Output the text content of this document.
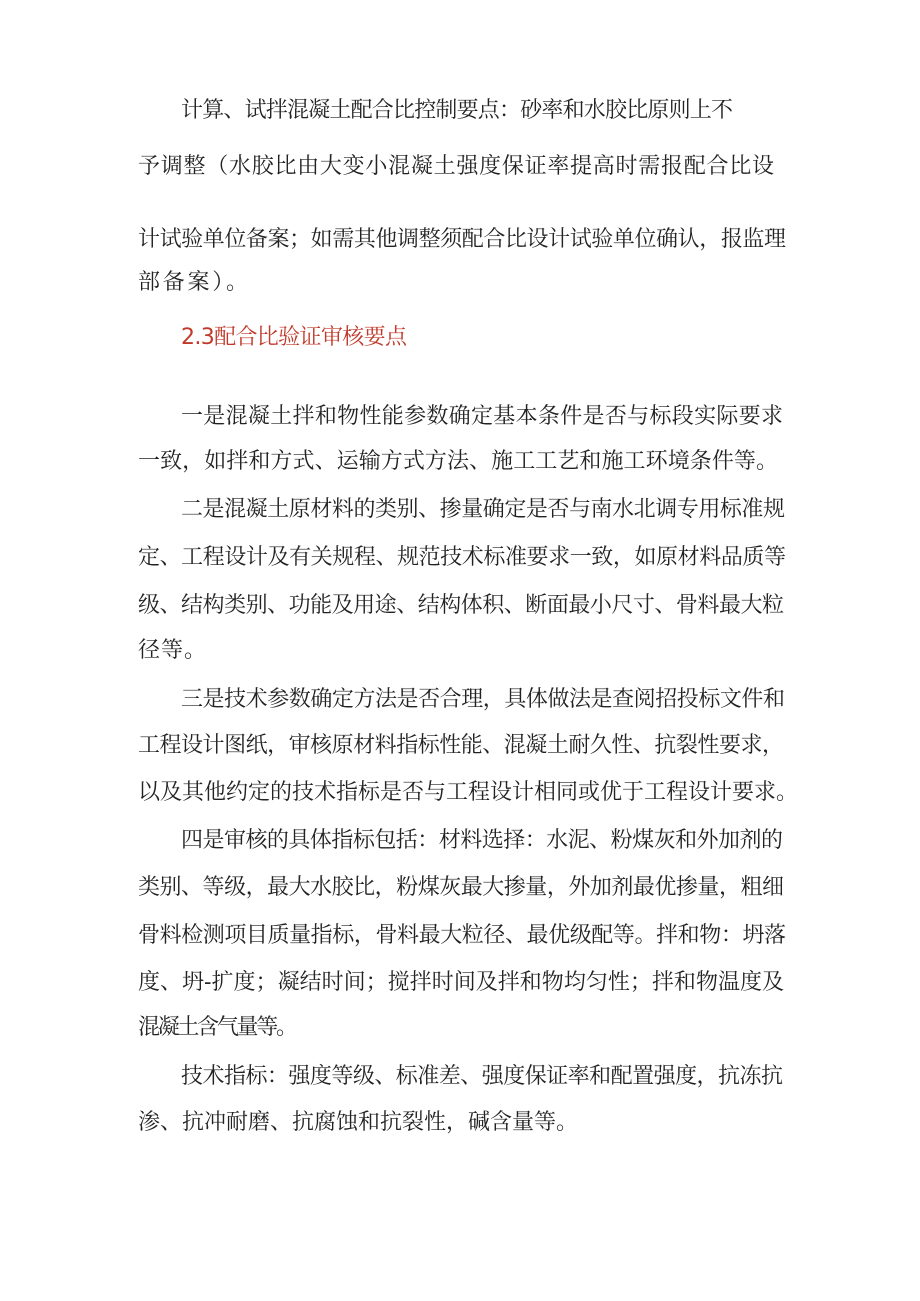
计算、试拌混凝土配合比控制要点：砂率和水胶比原则上不

予调整（水胶比由大变小混凝土强度保证率提高时需报配合比设

计试验单位备案；如需其他调整须配合比设计试验单位确认，报监理

部备案）。

2.3配合比验证审核要点

一是混凝土拌和物性能参数确定基本条件是否与标段实际要求

一致，如拌和方式、运输方式方法、施工工艺和施工环境条件等。

二是混凝土原材料的类别、掺量确定是否与南水北调专用标准规

定、工程设计及有关规程、规范技术标准要求一致，如原材料品质等

级、结构类别、功能及用途、结构体积、断面最小尺寸、骨料最大粒

径等。

三是技术参数确定方法是否合理，具体做法是查阅招投标文件和

工程设计图纸，审核原材料指标性能、混凝土耐久性、抗裂性要求，

以及其他约定的技术指标是否与工程设计相同或优于工程设计要求。

四是审核的具体指标包括：材料选择：水泥、粉煤灰和外加剂的

类别、等级，最大水胶比，粉煤灰最大掺量，外加剂最优掺量，粗细

骨料检测项目质量指标，骨料最大粒径、最优级配等。拌和物：坍落

度、坍-扩度；凝结时间；搅拌时间及拌和物均匀性；拌和物温度及

混凝土含气量等。

技术指标：强度等级、标准差、强度保证率和配置强度，抗冻抗

渗、抗冲耐磨、抗腐蚀和抗裂性，碱含量等。
